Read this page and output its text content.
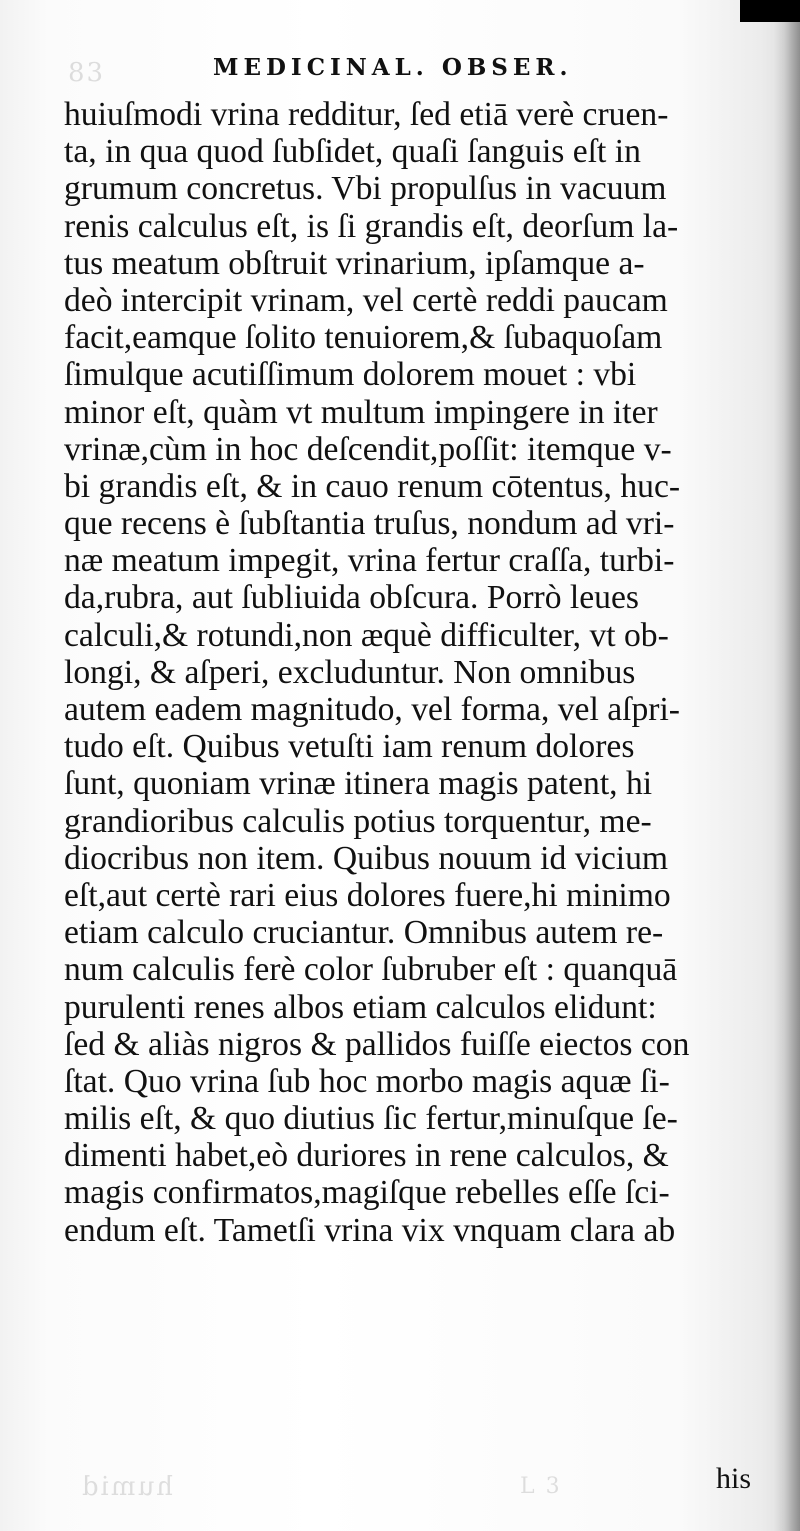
83
humid	L 3
MEDICINAL. OBSER.
huiuſmodi vrina redditur, ſed etiā verè cruen-
ta, in qua quod ſubſidet, quaſi ſanguis eſt in
grumum concretus. Vbi propulſus in vacuum
renis calculus eſt, is ſi grandis eſt, deorſum la-
tus meatum obſtruit vrinarium, ipſamque a-
deò intercipit vrinam, vel certè reddi paucam
facit,eamque ſolito tenuiorem,& ſubaquoſam
ſimulque acutiſſimum dolorem mouet : vbi
minor eſt, quàm vt multum impingere in iter
vrinæ,cùm in hoc deſcendit,poſſit: itemque v-
bi grandis eſt, & in cauo renum cōtentus, huc-
que recens è ſubſtantia truſus, nondum ad vri-
næ meatum impegit, vrina fertur craſſa, turbi-
da,rubra, aut ſubliuida obſcura. Porrò leues
calculi,& rotundi,non æquè difficulter, vt ob-
longi, & aſperi, excluduntur. Non omnibus
autem eadem magnitudo, vel forma, vel aſpri-
tudo eſt. Quibus vetuſti iam renum dolores
ſunt, quoniam vrinæ itinera magis patent, hi
grandioribus calculis potius torquentur, me-
diocribus non item. Quibus nouum id vicium
eſt,aut certè rari eius dolores fuere,hi minimo
etiam calculo cruciantur. Omnibus autem re-
num calculis ferè color ſubruber eſt : quanquā
purulenti renes albos etiam calculos elidunt:
ſed & aliàs nigros & pallidos fuiſſe eiectos con
ſtat. Quo vrina ſub hoc morbo magis aquæ ſi-
milis eſt, & quo diutius ſic fertur,minuſque ſe-
dimenti habet,eò duriores in rene calculos, &
magis confirmatos,magiſque rebelles eſſe ſci-
endum eſt. Tametſi vrina vix vnquam clara ab
his
